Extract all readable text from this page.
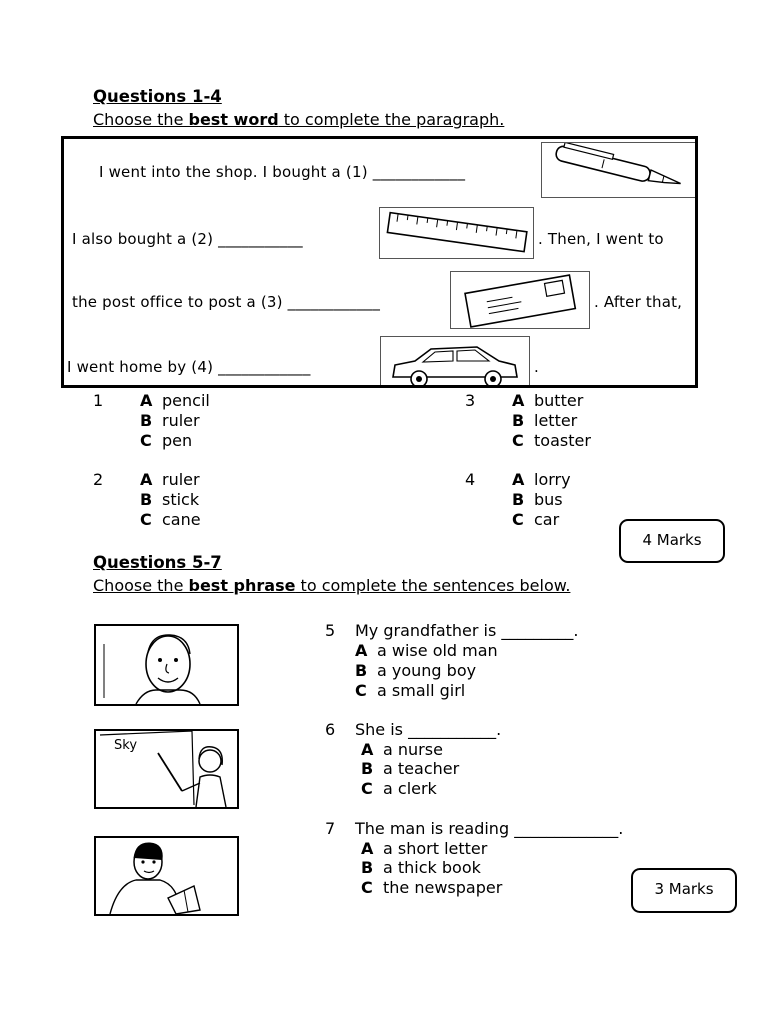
Questions 1-4
Choose the best word to complete the paragraph.
I went into the shop. I bought a (1) ____________
I also bought a (2) ___________	. Then, I went to
the post office to post a (3) ____________	. After that,
I went home by (4) ____________	.
1 A pencil
B ruler
C pen
3 A butter
B letter
C toaster
2 A ruler
B stick
C cane
4 A lorry
B bus
C car
4 Marks
Questions 5-7
Choose the best phrase to complete the sentences below.
5 My grandfather is _________.
A a wise old man
B a young boy
C a small girl
Sky
6 She is ___________.
A a nurse
B a teacher
C a clerk
7 The man is reading _____________.
A a short letter
B a thick book
C the newspaper	3 Marks
